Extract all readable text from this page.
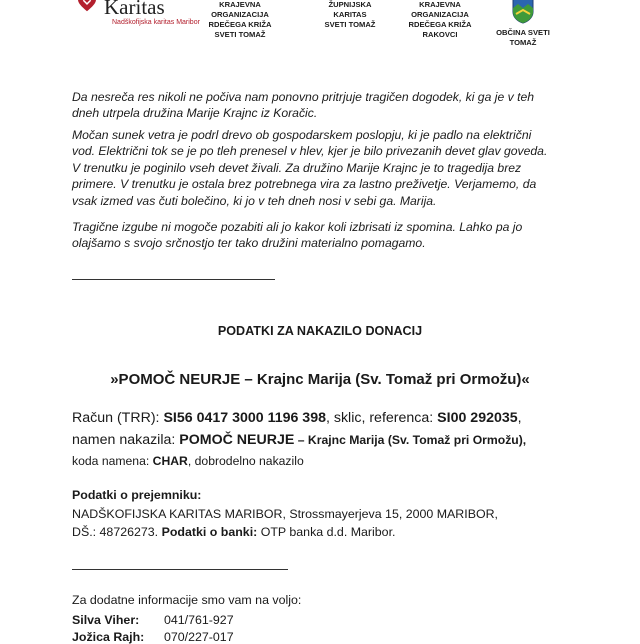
Karitas
Nadškofijska karitas Maribor
KRAJEVNA
ORGANIZACIJA
RDEČEGA KRIŽA
SVETI TOMAŽ
ŽUPNIJSKA
KARITAS
SVETI TOMAŽ
KRAJEVNA
ORGANIZACIJA
RDEČEGA KRIŽA
RAKOVCI	OBČINA SVETI
TOMAŽ
Da nesreča res nikoli ne počiva nam ponovno pritrjuje tragičen dogodek, ki ga je v teh
dneh utrpela družina Marije Krajnc iz Koračic.
Močan sunek vetra je podrl drevo ob gospodarskem poslopju, ki je padlo na električni
vod. Električni tok se je po tleh prenesel v hlev, kjer je bilo privezanih devet glav goveda.
V trenutku je poginilo vseh devet živali. Za družino Marije Krajnc je to tragedija brez
primere. V trenutku je ostala brez potrebnega vira za lastno preživetje. Verjamemo, da
vsak izmed vas čuti bolečino, ki jo v teh dneh nosi v sebi ga. Marija.
Tragične izgube ni mogoče pozabiti ali jo kakor koli izbrisati iz spomina. Lahko pa jo
olajšamo s svojo srčnostjo ter tako družini materialno pomagamo.
PODATKI ZA NAKAZILO DONACIJ
»POMOČ NEURJE – Krajnc Marija (Sv. Tomaž pri Ormožu)«
Račun (TRR): SI56 0417 3000 1196 398, sklic, referenca: SI00 292035,
namen nakazila: POMOČ NEURJE – Krajnc Marija (Sv. Tomaž pri Ormožu),
koda namena: CHAR, dobrodelno nakazilo
Podatki o prejemniku:
NADŠKOFIJSKA KARITAS MARIBOR, Strossmayerjeva 15, 2000 MARIBOR,
DŠ.: 48726273. Podatki o banki: OTP banka d.d. Maribor.
Za dodatne informacije smo vam na voljo:
Silva Viher:	041/761-927
Jožica Rajh: 070/227-017
